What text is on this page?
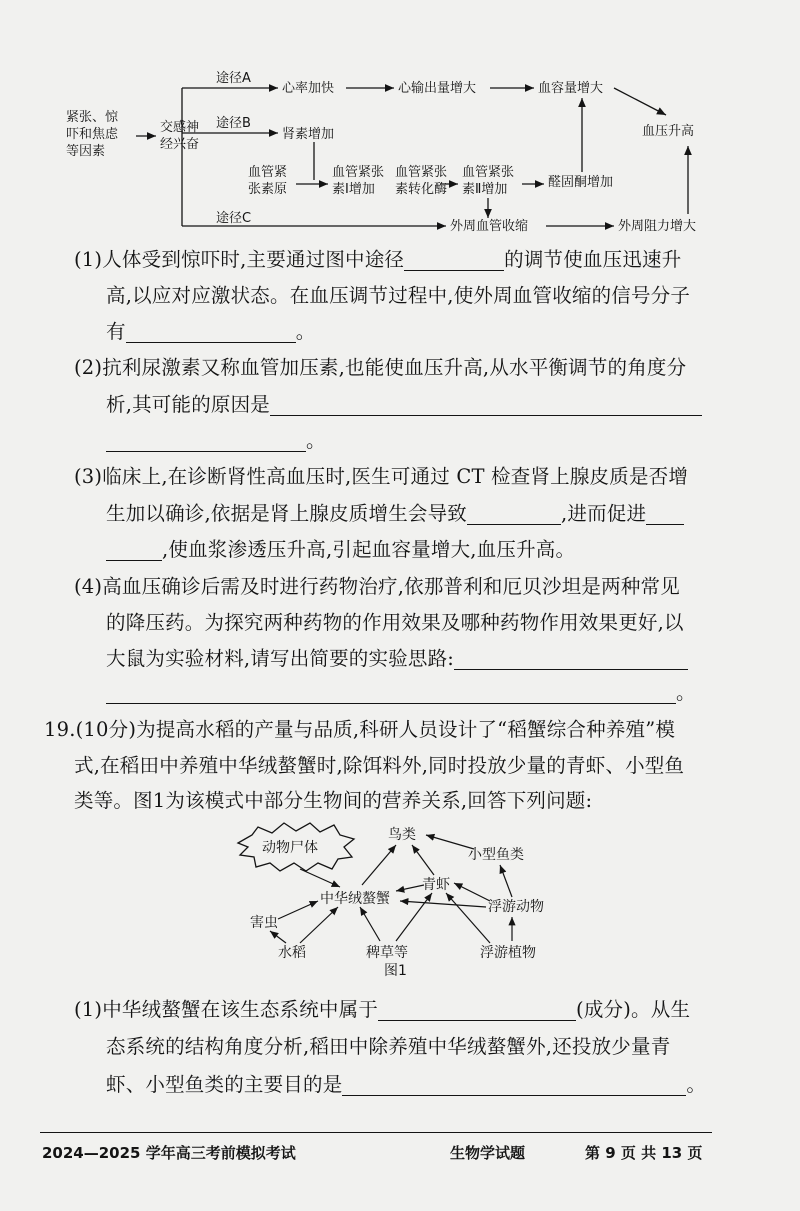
紧张、惊
吓和焦虑
等因素
交感神
经兴奋
途径A
途径B
途径C
心率加快	心输出量增大	血容量增大
血压升高
肾素增加
血管紧
张素原
血管紧张
素Ⅰ增加
血管紧张
素转化酶
血管紧张
素Ⅱ增加	醛固酮增加
外周血管收缩	外周阻力增大
(1)人体受到惊吓时,主要通过图中途径	的调节使血压迅速升
高,以应对应激状态。在血压调节过程中,使外周血管收缩的信号分子
有	。
(2)抗利尿激素又称血管加压素,也能使血压升高,从水平衡调节的角度分
析,其可能的原因是
。
(3)临床上,在诊断肾性高血压时,医生可通过 CT 检查肾上腺皮质是否增
生加以确诊,依据是肾上腺皮质增生会导致	,进而促进
,使血浆渗透压升高,引起血容量增大,血压升高。
(4)高血压确诊后需及时进行药物治疗,依那普利和厄贝沙坦是两种常见
的降压药。为探究两种药物的作用效果及哪种药物作用效果更好,以
大鼠为实验材料,请写出简要的实验思路:
。
19.(10分)为提高水稻的产量与品质,科研人员设计了“稻蟹综合种养殖”模
式,在稻田中养殖中华绒螯蟹时,除饵料外,同时投放少量的青虾、小型鱼
类等。图1为该模式中部分生物间的营养关系,回答下列问题:
动物尸体
鸟类
小型鱼类
青虾
中华绒螯蟹	浮游动物
害虫
水稻	稗草等	浮游植物
图1
(1)中华绒螯蟹在该生态系统中属于	(成分)。从生
态系统的结构角度分析,稻田中除养殖中华绒螯蟹外,还投放少量青
虾、小型鱼类的主要目的是	。
2024—2025 学年高三考前模拟考试	生物学试题	第 9 页 共 13 页
